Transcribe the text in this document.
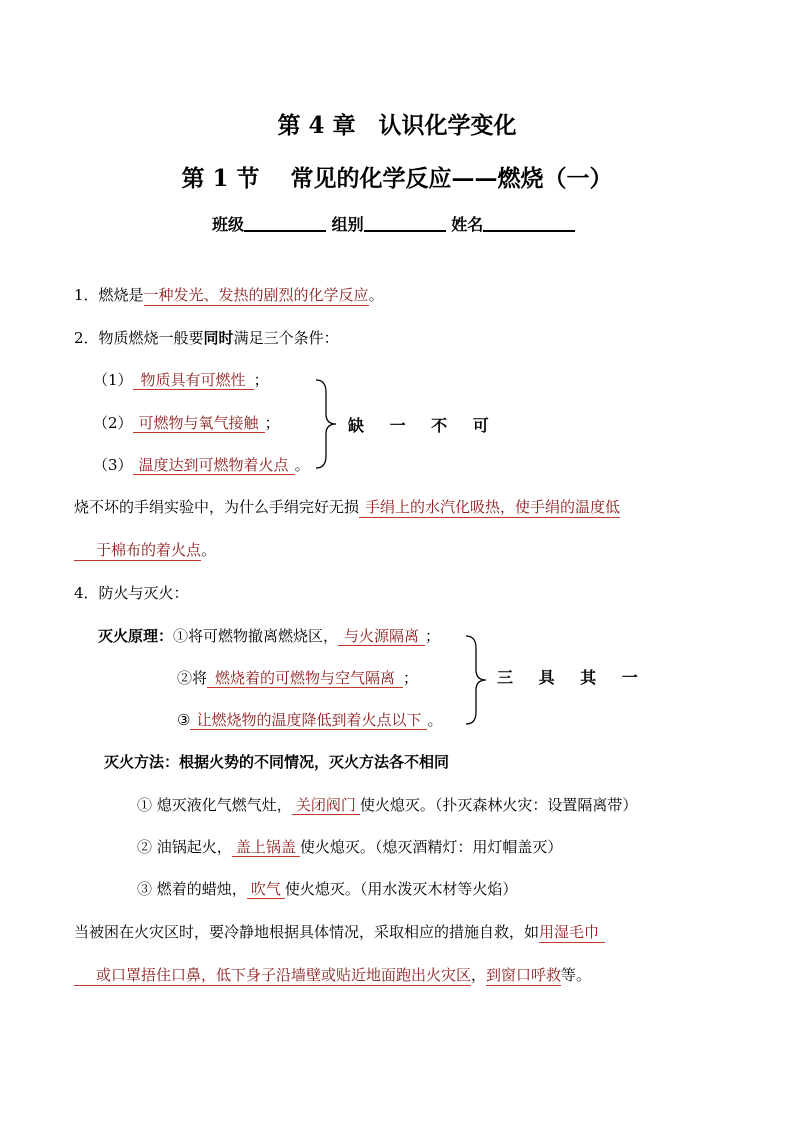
第 4 章　认识化学变化
第 1 节　 常见的化学反应——燃烧（一）
班级	组别	姓名
1．燃烧是一种发光、发热的剧烈的化学反应。
2．物质燃烧一般要同时满足三个条件：
（1） 物质具有可燃性 ；
（2） 可燃物与氧气接触 ；
（3） 温度达到可燃物着火点 。
缺 一 不 可
烧不坏的手绢实验中，为什么手绢完好无损 手绢上的水汽化吸热，使手绢的温度低
于棉布的着火点。
4．防火与灭火：
灭火原理：①将可燃物撤离燃烧区， 与火源隔离 ；
②将 燃烧着的可燃物与空气隔离 ；
③ 让燃烧物的温度降低到着火点以下 。
三 具 其 一
灭火方法：根据火势的不同情况，灭火方法各不相同
① 熄灭液化气燃气灶， 关闭阀门 使火熄灭。（扑灭森林火灾：设置隔离带）
② 油锅起火， 盖上锅盖 使火熄灭。（熄灭酒精灯：用灯帽盖灭）
③ 燃着的蜡烛， 吹气 使火熄灭。（用水泼灭木材等火焰）
当被困在火灾区时，要冷静地根据具体情况，采取相应的措施自救，如用湿毛巾
或口罩捂住口鼻，低下身子沿墙壁或贴近地面跑出火灾区，到窗口呼救等。
